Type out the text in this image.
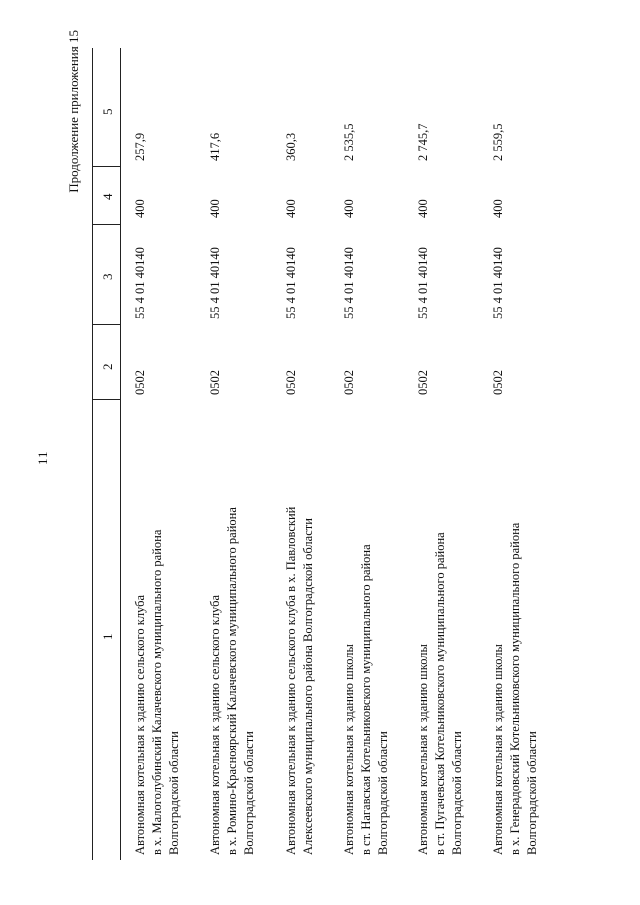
11
Продолжение приложения 15
1
2
3
4
5
Автономная котельная к зданию сельского клуба в х. Малоголубинский Калачевского муниципального района Волгоградской области
0502
55 4 01 40140
400
257,9
Автономная котельная к зданию сельского клуба в х. Ромино-Красноярский Калачевского муниципального района Волгоградской области
0502
55 4 01 40140
400
417,6
Автономная котельная к зданию сельского клуба в х. Павловский Алексеевского муниципального района Волгоградской области
0502
55 4 01 40140
400
360,3
Автономная котельная к зданию школы в ст. Нагавская Котельниковского муниципального района Волгоградской области
0502
55 4 01 40140
400
2 535,5
Автономная котельная к зданию школы в ст. Пугачевская Котельниковского муниципального района Волгоградской области
0502
55 4 01 40140
400
2 745,7
Автономная котельная к зданию школы в х. Генерадовский Котельниковского муниципального района Волгоградской области
0502
55 4 01 40140
400
2 559,5
